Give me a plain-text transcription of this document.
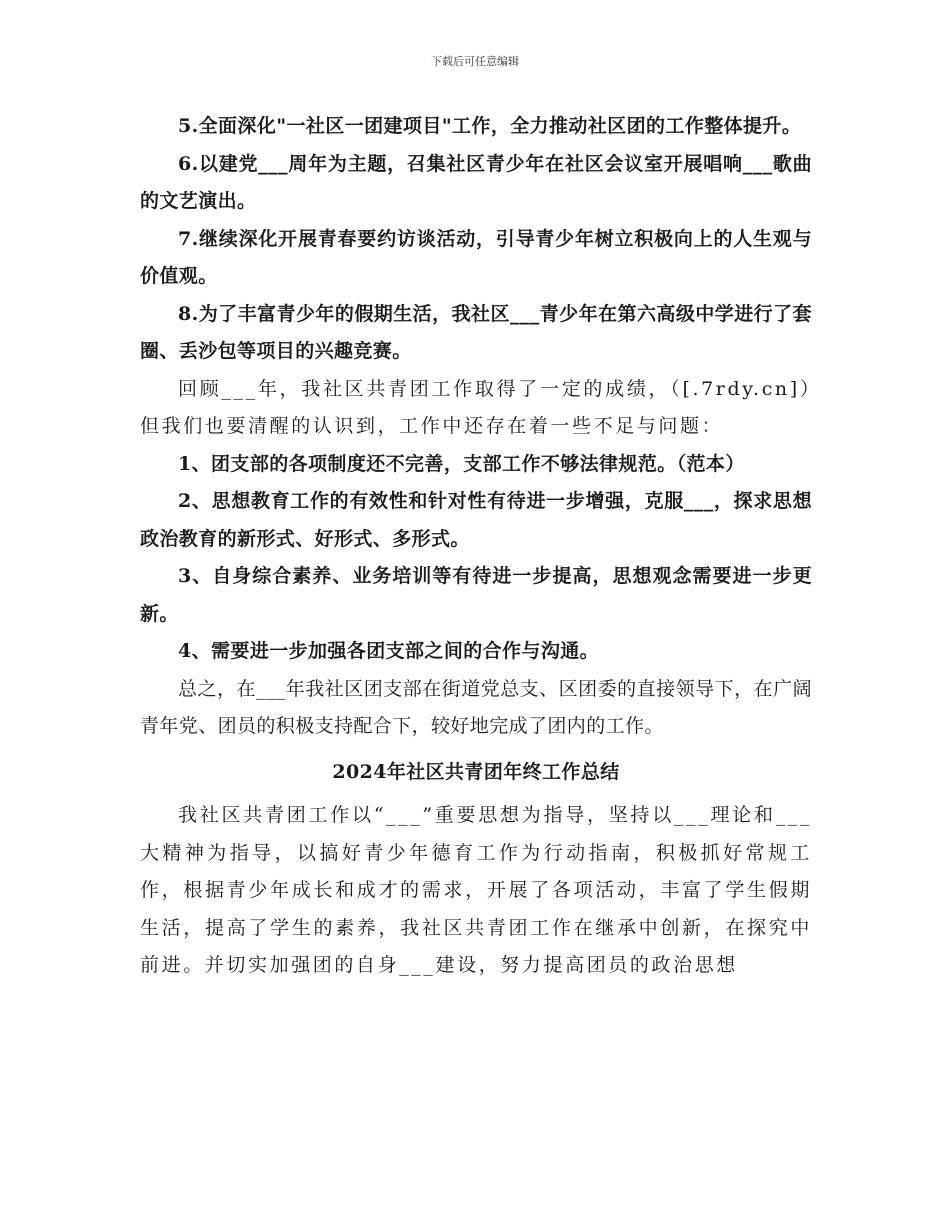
下载后可任意编辑

5.全面深化"一社区一团建项目"工作，全力推动社区团的工作整体提升。

6.以建党___周年为主题，召集社区青少年在社区会议室开展唱响___歌曲的文艺演出。

7.继续深化开展青春要约访谈活动，引导青少年树立积极向上的人生观与价值观。

8.为了丰富青少年的假期生活，我社区___青少年在第六高级中学进行了套圈、丢沙包等项目的兴趣竞赛。

回顾___年，我社区共青团工作取得了一定的成绩，（[.7rdy.cn]）但我们也要清醒的认识到，工作中还存在着一些不足与问题：

1、团支部的各项制度还不完善，支部工作不够法律规范。（范本）

2、思想教育工作的有效性和针对性有待进一步增强，克服___，探求思想政治教育的新形式、好形式、多形式。

3、自身综合素养、业务培训等有待进一步提高，思想观念需要进一步更新。

4、需要进一步加强各团支部之间的合作与沟通。

总之，在___年我社区团支部在街道党总支、区团委的直接领导下，在广阔青年党、团员的积极支持配合下，较好地完成了团内的工作。

2024年社区共青团年终工作总结

我社区共青团工作以“___”重要思想为指导，坚持以___理论和___大精神为指导，以搞好青少年德育工作为行动指南，积极抓好常规工作，根据青少年成长和成才的需求，开展了各项活动，丰富了学生假期生活，提高了学生的素养，我社区共青团工作在继承中创新，在探究中前进。并切实加强团的自身___建设，努力提高团员的政治思想
